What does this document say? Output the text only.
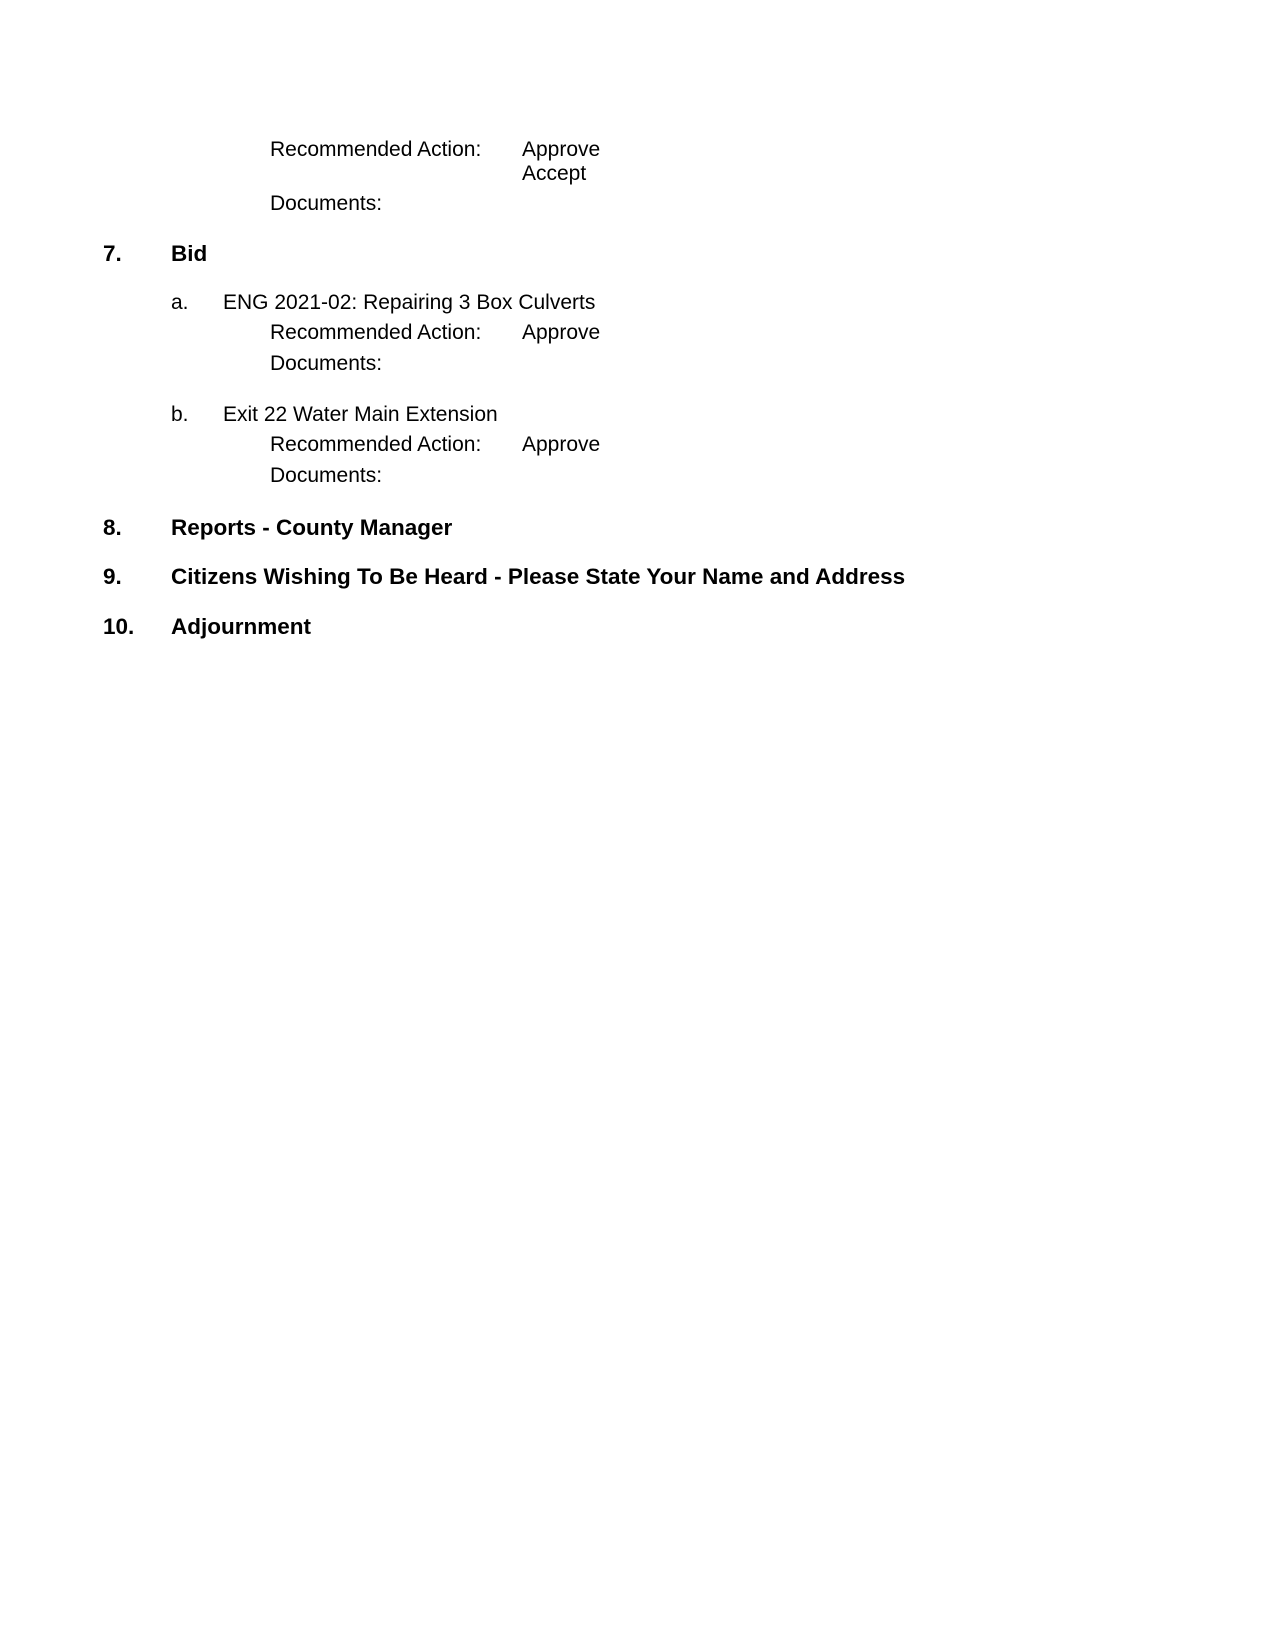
Recommended Action: Approve
Accept
Documents:
7. Bid
a. ENG 2021-02: Repairing 3 Box Culverts
Recommended Action: Approve
Documents:
b. Exit 22 Water Main Extension
Recommended Action: Approve
Documents:
8. Reports - County Manager
9. Citizens Wishing To Be Heard - Please State Your Name and Address
10. Adjournment
